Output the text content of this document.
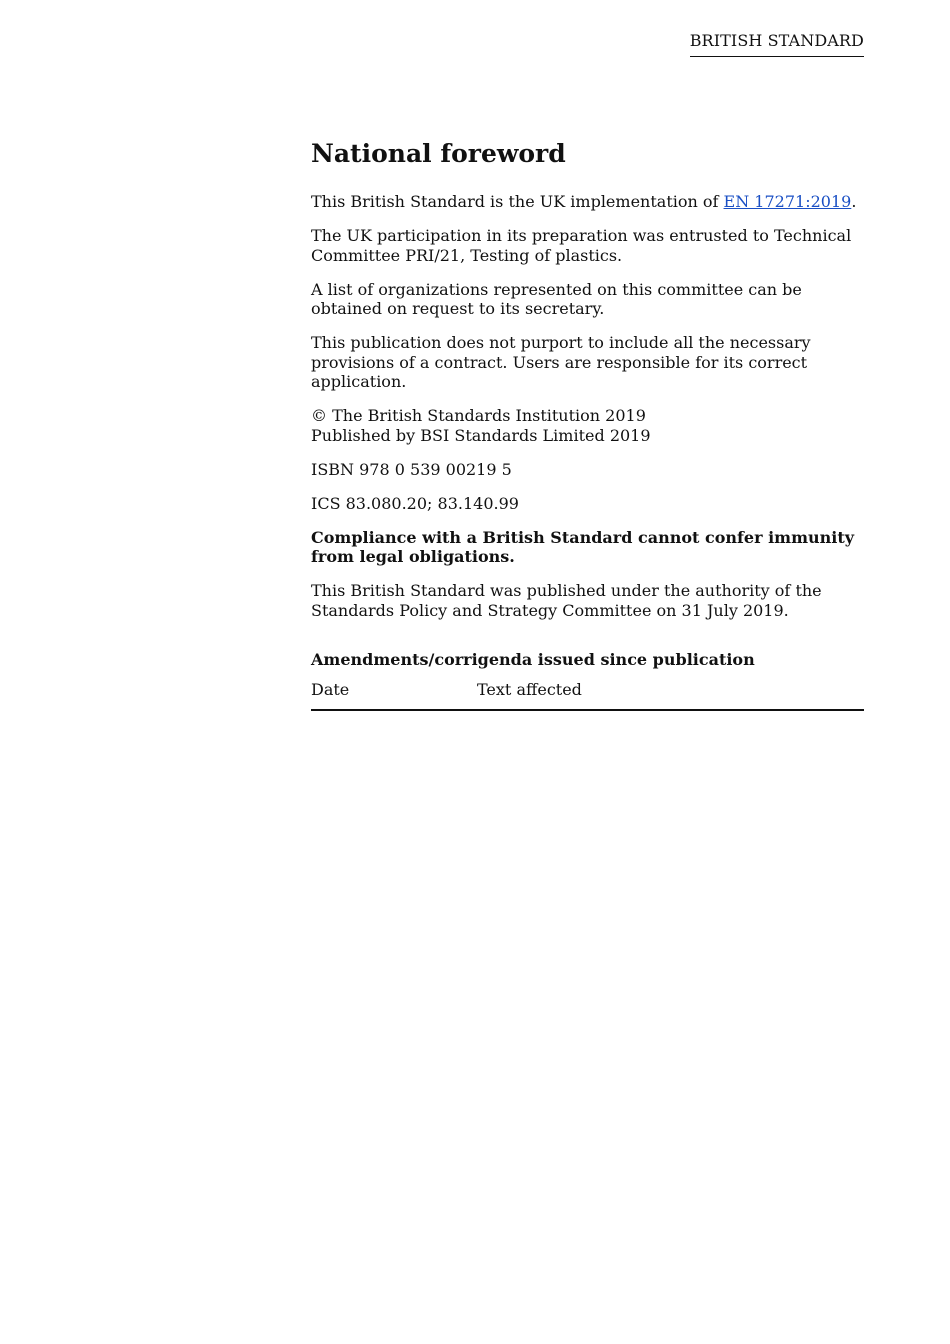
BRITISH STANDARD
National foreword

This British Standard is the UK implementation of EN 17271:2019.

The UK participation in its preparation was entrusted to Technical Committee PRI/21, Testing of plastics.

A list of organizations represented on this committee can be obtained on request to its secretary.

This publication does not purport to include all the necessary provisions of a contract. Users are responsible for its correct application.

© The British Standards Institution 2019
Published by BSI Standards Limited 2019

ISBN 978 0 539 00219 5

ICS 83.080.20; 83.140.99

Compliance with a British Standard cannot confer immunity from legal obligations.

This British Standard was published under the authority of the Standards Policy and Strategy Committee on 31 July 2019.

Amendments/corrigenda issued since publication
Date	Text affected
